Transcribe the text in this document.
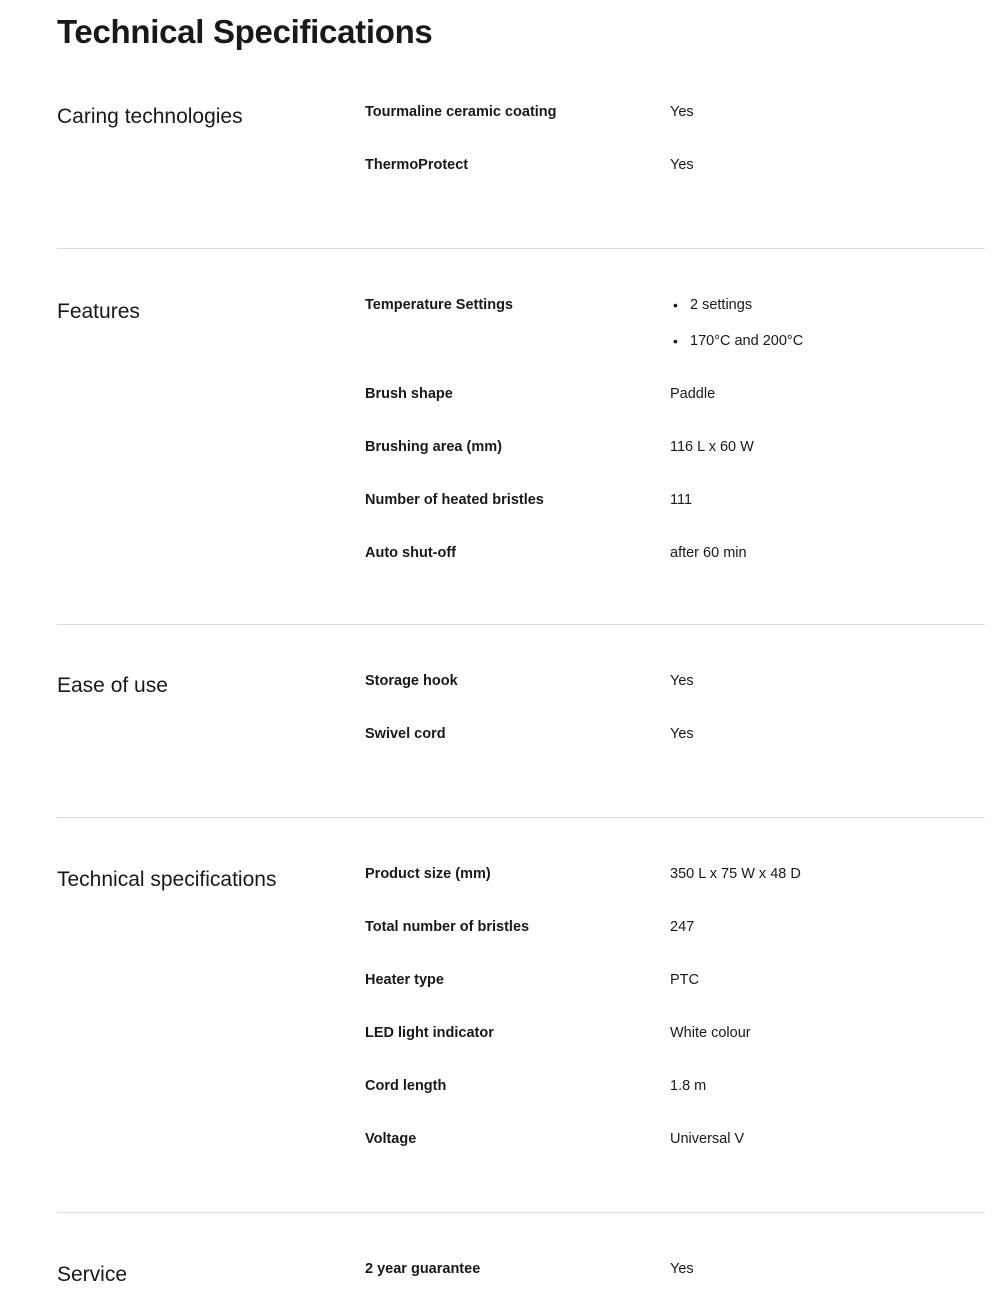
Technical Specifications
Caring technologies	Tourmaline ceramic coating	Yes
ThermoProtect	Yes
Features	Temperature Settings	• 2 settings
• 170°C and 200°C
Brush shape	Paddle
Brushing area (mm)	116 L x 60 W
Number of heated bristles	111
Auto shut-off	after 60 min
Ease of use	Storage hook	Yes
Swivel cord	Yes
Technical specifications	Product size (mm)	350 L x 75 W x 48 D
Total number of bristles	247
Heater type	PTC
LED light indicator	White colour
Cord length	1.8 m
Voltage	Universal V
Service	2 year guarantee	Yes
